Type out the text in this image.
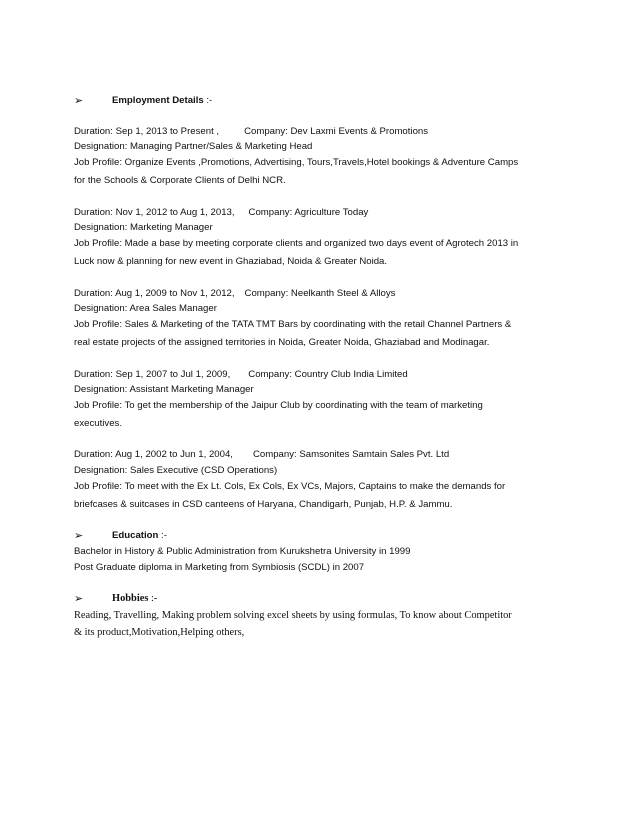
➢	Employment Details :-
Duration: Sep 1, 2013 to Present ,	Company: Dev Laxmi Events & Promotions
Designation: Managing Partner/Sales & Marketing Head
Job Profile: Organize Events ,Promotions, Advertising, Tours,Travels,Hotel bookings & Adventure Camps
for the Schools & Corporate Clients of Delhi NCR.
Duration: Nov 1, 2012 to Aug 1, 2013, Company: Agriculture Today
Designation: Marketing Manager
Job Profile: Made a base by meeting corporate clients and organized two days event of Agrotech 2013 in
Luck now & planning for new event in Ghaziabad, Noida & Greater Noida.
Duration: Aug 1, 2009 to Nov 1, 2012, Company: Neelkanth Steel & Alloys
Designation: Area Sales Manager
Job Profile: Sales & Marketing of the TATA TMT Bars by coordinating with the retail Channel Partners &
real estate projects of the assigned territories in Noida, Greater Noida, Ghaziabad and Modinagar.
Duration: Sep 1, 2007 to Jul 1, 2009, Company: Country Club India Limited
Designation: Assistant Marketing Manager
Job Profile: To get the membership of the Jaipur Club by coordinating with the team of marketing
executives.
Duration: Aug 1, 2002 to Jun 1, 2004, Company: Samsonites Samtain Sales Pvt. Ltd
Designation: Sales Executive (CSD Operations)
Job Profile: To meet with the Ex Lt. Cols, Ex Cols, Ex VCs, Majors, Captains to make the demands for
briefcases & suitcases in CSD canteens of Haryana, Chandigarh, Punjab, H.P. & Jammu.
➢	Education :-
Bachelor in History & Public Administration from Kurukshetra University in 1999
Post Graduate diploma in Marketing from Symbiosis (SCDL) in 2007
➢	Hobbies :-
Reading, Travelling, Making problem solving excel sheets by using formulas, To know about Competitor
& its product,Motivation,Helping others,
